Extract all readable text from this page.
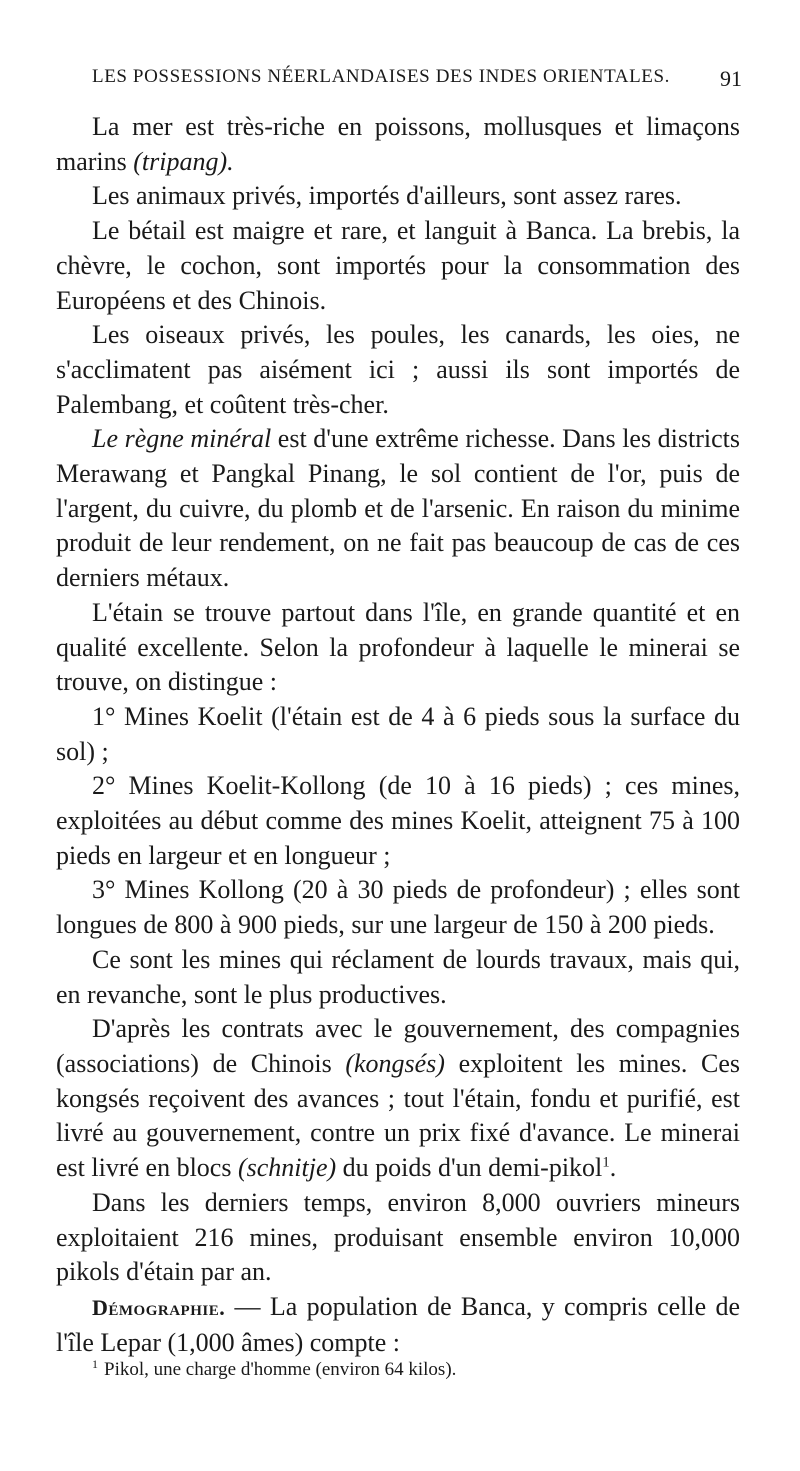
LES POSSESSIONS NÉERLANDAISES DES INDES ORIENTALES. 91

La mer est très-riche en poissons, mollusques et limaçons marins (tripang).

Les animaux privés, importés d'ailleurs, sont assez rares.

Le bétail est maigre et rare, et languit à Banca. La brebis, la chèvre, le cochon, sont importés pour la consommation des Européens et des Chinois.

Les oiseaux privés, les poules, les canards, les oies, ne s'acclimatent pas aisément ici ; aussi ils sont importés de Palembang, et coûtent très-cher.

Le règne minéral est d'une extrême richesse. Dans les districts Merawang et Pangkal Pinang, le sol contient de l'or, puis de l'argent, du cuivre, du plomb et de l'arsenic. En raison du minime produit de leur rendement, on ne fait pas beaucoup de cas de ces derniers métaux.

L'étain se trouve partout dans l'île, en grande quantité et en qualité excellente. Selon la profondeur à laquelle le minerai se trouve, on distingue :

1° Mines Koelit (l'étain est de 4 à 6 pieds sous la surface du sol) ;

2° Mines Koelit-Kollong (de 10 à 16 pieds) ; ces mines, exploitées au début comme des mines Koelit, atteignent 75 à 100 pieds en largeur et en longueur ;

3° Mines Kollong (20 à 30 pieds de profondeur) ; elles sont longues de 800 à 900 pieds, sur une largeur de 150 à 200 pieds.

Ce sont les mines qui réclament de lourds travaux, mais qui, en revanche, sont le plus productives.

D'après les contrats avec le gouvernement, des compagnies (associations) de Chinois (kongsés) exploitent les mines. Ces kongsés reçoivent des avances ; tout l'étain, fondu et purifié, est livré au gouvernement, contre un prix fixé d'avance. Le minerai est livré en blocs (schnitje) du poids d'un demi-pikol$^1$.

Dans les derniers temps, environ 8,000 ouvriers mineurs exploitaient 216 mines, produisant ensemble environ 10,000 pikols d'étain par an.

Démographie. — La population de Banca, y compris celle de l'île Lepar (1,000 âmes) compte :

$^1$ Pikol, une charge d'homme (environ 64 kilos).
